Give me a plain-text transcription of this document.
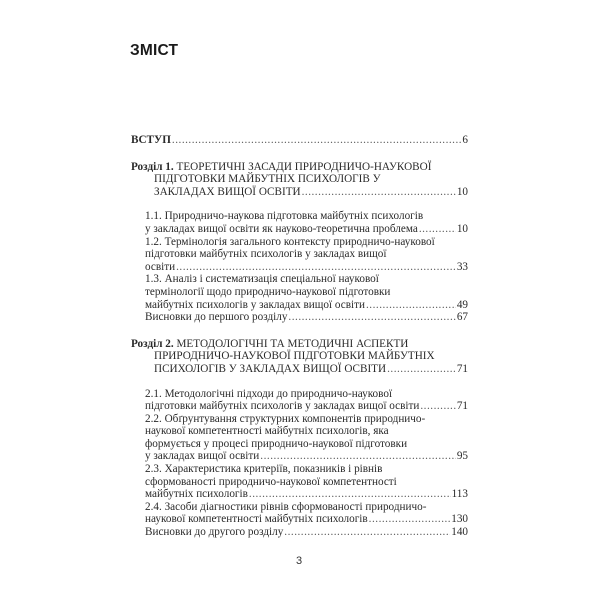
ЗМІСТ
ВСТУП .....	6
Розділ 1. ТЕОРЕТИЧНІ ЗАСАДИ ПРИРОДНИЧО-НАУКОВОЇ
ПІДГОТОВКИ МАЙБУТНІХ ПСИХОЛОГІВ У
ЗАКЛАДАХ ВИЩОЇ ОСВІТИ .....	10
1.1. Природничо-наукова підготовка майбутніх психологів
у закладах вищої освіти як науково-теоретична проблема .....	10
1.2. Термінологія загального контексту природничо-наукової
підготовки майбутніх психологів у закладах вищої
освіти .....	33
1.3. Аналіз і систематизація спеціальної наукової
термінології щодо природничо-наукової підготовки
майбутніх психологів у закладах вищої освіти .....	49
Висновки до першого розділу .....	67
Розділ 2. МЕТОДОЛОГІЧНІ ТА МЕТОДИЧНІ АСПЕКТИ
ПРИРОДНИЧО-НАУКОВОЇ ПІДГОТОВКИ МАЙБУТНІХ
ПСИХОЛОГІВ У ЗАКЛАДАХ ВИЩОЇ ОСВІТИ .....	71
2.1. Методологічні підходи до природничо-наукової
підготовки майбутніх психологів у закладах вищої освіти .....	71
2.2. Обґрунтування структурних компонентів природничо-
наукової компетентності майбутніх психологів, яка
формується у процесі природничо-наукової підготовки
у закладах вищої освіти .....	95
2.3. Характеристика критеріїв, показників і рівнів
сформованості природничо-наукової компетентності
майбутніх психологів .....	113
2.4. Засоби діагностики рівнів сформованості природничо-
наукової компетентності майбутніх психологів .....	130
Висновки до другого розділу .....	140
3
